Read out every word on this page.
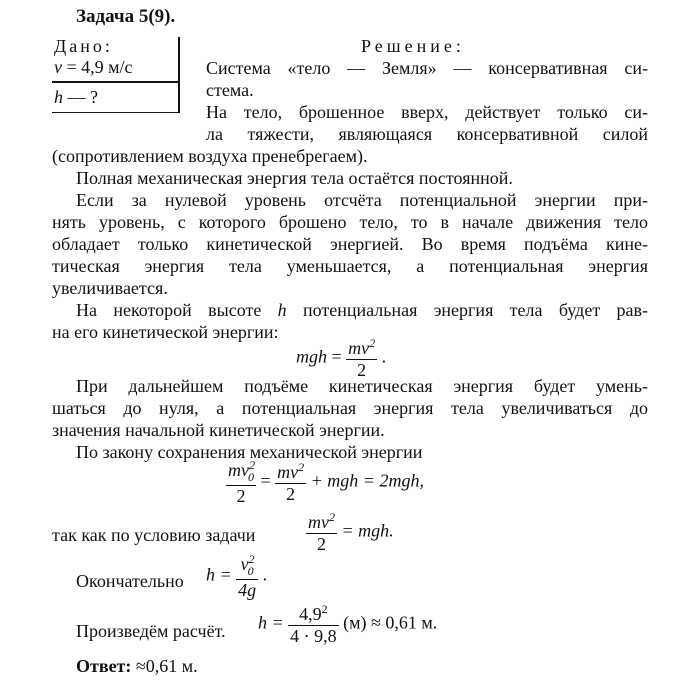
Задача 5(9).
Дано:
v = 4,9 м/с
h — ?
Решение:
Система «тело — Земля» — консервативная си-
стема.
На тело, брошенное вверх, действует только си-
ла тяжести, являющаяся консервативной силой
(сопротивлением воздуха пренебрегаем).
Полная механическая энергия тела остаётся постоянной.
Если за нулевой уровень отсчёта потенциальной энергии при-
нять уровень, с которого брошено тело, то в начале движения тело
обладает только кинетической энергией. Во время подъёма кине-
тическая энергия тела уменьшается, а потенциальная энергия
увеличивается.
На некоторой высоте h потенциальная энергия тела будет рав-
на его кинетической энергии:
mgh = $\frac{mv^2}{2}$ .
При дальнейшем подъёме кинетическая энергия будет умень-
шаться до нуля, а потенциальная энергия тела увеличиваться до
значения начальной кинетической энергии.
По закону сохранения механической энергии
$\frac{mv^2_0}{2} = \frac{mv^2}{2}$ + mgh = 2mgh,
так как по условию задачи	$\frac{mv^2}{2}$ = mgh.
Окончательно $h = \frac{v^2_0}{4g}$ .
Произведём расчёт. $h = \frac{4,9^2}{4 \cdot 9,8} (м) \approx 0,61$ м.
Ответ: ≈0,61 м.
